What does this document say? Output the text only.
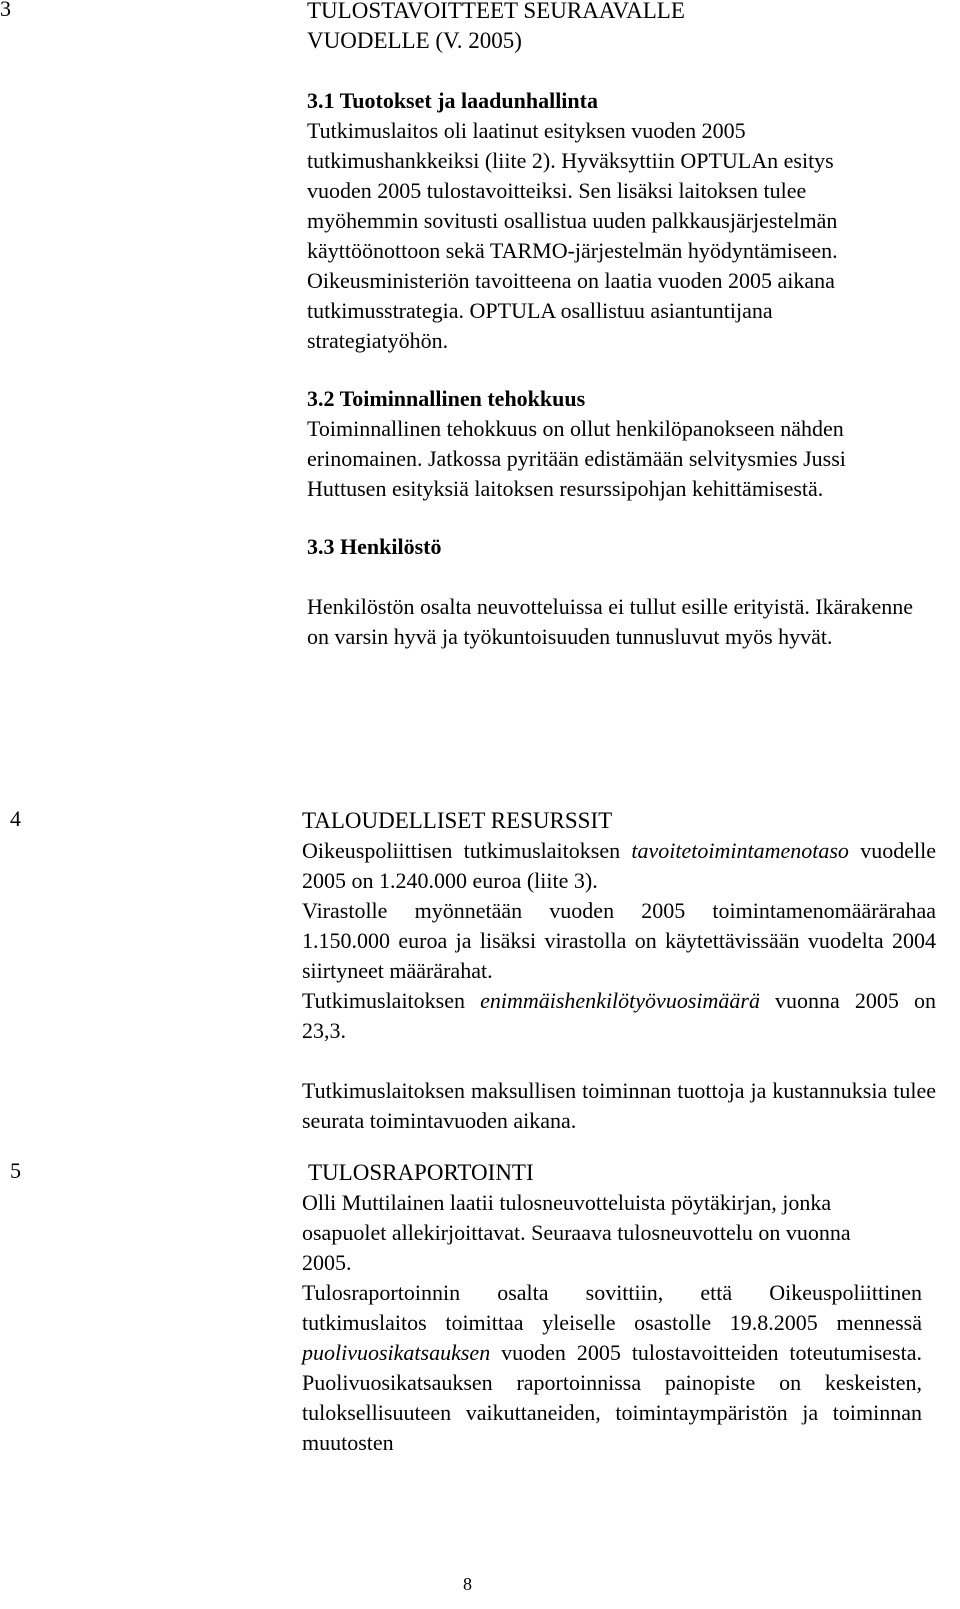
3	TULOSTAVOITTEET SEURAAVALLE

VUODELLE (V. 2005)

3.1 Tuotokset ja laadunhallinta

Tutkimuslaitos oli laatinut esityksen vuoden 2005 tutkimushankkeiksi (liite 2). Hyväksyttiin OPTULAn esitys vuoden 2005 tulostavoitteiksi. Sen lisäksi laitoksen tulee myöhemmin sovitusti osallistua uuden palkkausjärjestelmän käyttöönottoon sekä TARMO-järjestelmän hyödyntämiseen.

Oikeusministeriön tavoitteena on laatia vuoden 2005 aikana tutkimusstrategia. OPTULA osallistuu asiantuntijana strategiatyöhön.

3.2 Toiminnallinen tehokkuus

Toiminnallinen tehokkuus on ollut henkilöpanokseen nähden erinomainen. Jatkossa pyritään edistämään selvitysmies Jussi Huttusen esityksiä laitoksen resurssipohjan kehittämisestä.

3.3 Henkilöstö

Henkilöstön osalta neuvotteluissa ei tullut esille erityistä. Ikärakenne on varsin hyvä ja työkuntoisuuden tunnusluvut myös hyvät.

4	TALOUDELLISET RESURSSIT

Oikeuspoliittisen tutkimuslaitoksen tavoitetoimintamenotaso vuodelle 2005 on 1.240.000 euroa (liite 3).

Virastolle myönnetään vuoden 2005 toimintamenomäärärahaa 1.150.000 euroa ja lisäksi virastolla on käytettävissään vuodelta 2004 siirtyneet määrärahat.

Tutkimuslaitoksen enimmäishenkilötyövuosimäärä vuonna 2005 on 23,3.

Tutkimuslaitoksen maksullisen toiminnan tuottoja ja kustannuksia tulee seurata toimintavuoden aikana.

5	TULOSRAPORTOINTI

Olli Muttilainen laatii tulosneuvotteluista pöytäkirjan, jonka osapuolet allekirjoittavat. Seuraava tulosneuvottelu on vuonna 2005.

Tulosraportoinnin osalta sovittiin, että Oikeuspoliittinen tutkimuslaitos toimittaa yleiselle osastolle 19.8.2005 mennessä puolivuosikatsauksen vuoden 2005 tulostavoitteiden toteutumisesta. Puolivuosikatsauksen raportoinnissa painopiste on keskeisten, tuloksellisuuteen vaikuttaneiden, toimintaympäristön ja toiminnan muutosten

8
